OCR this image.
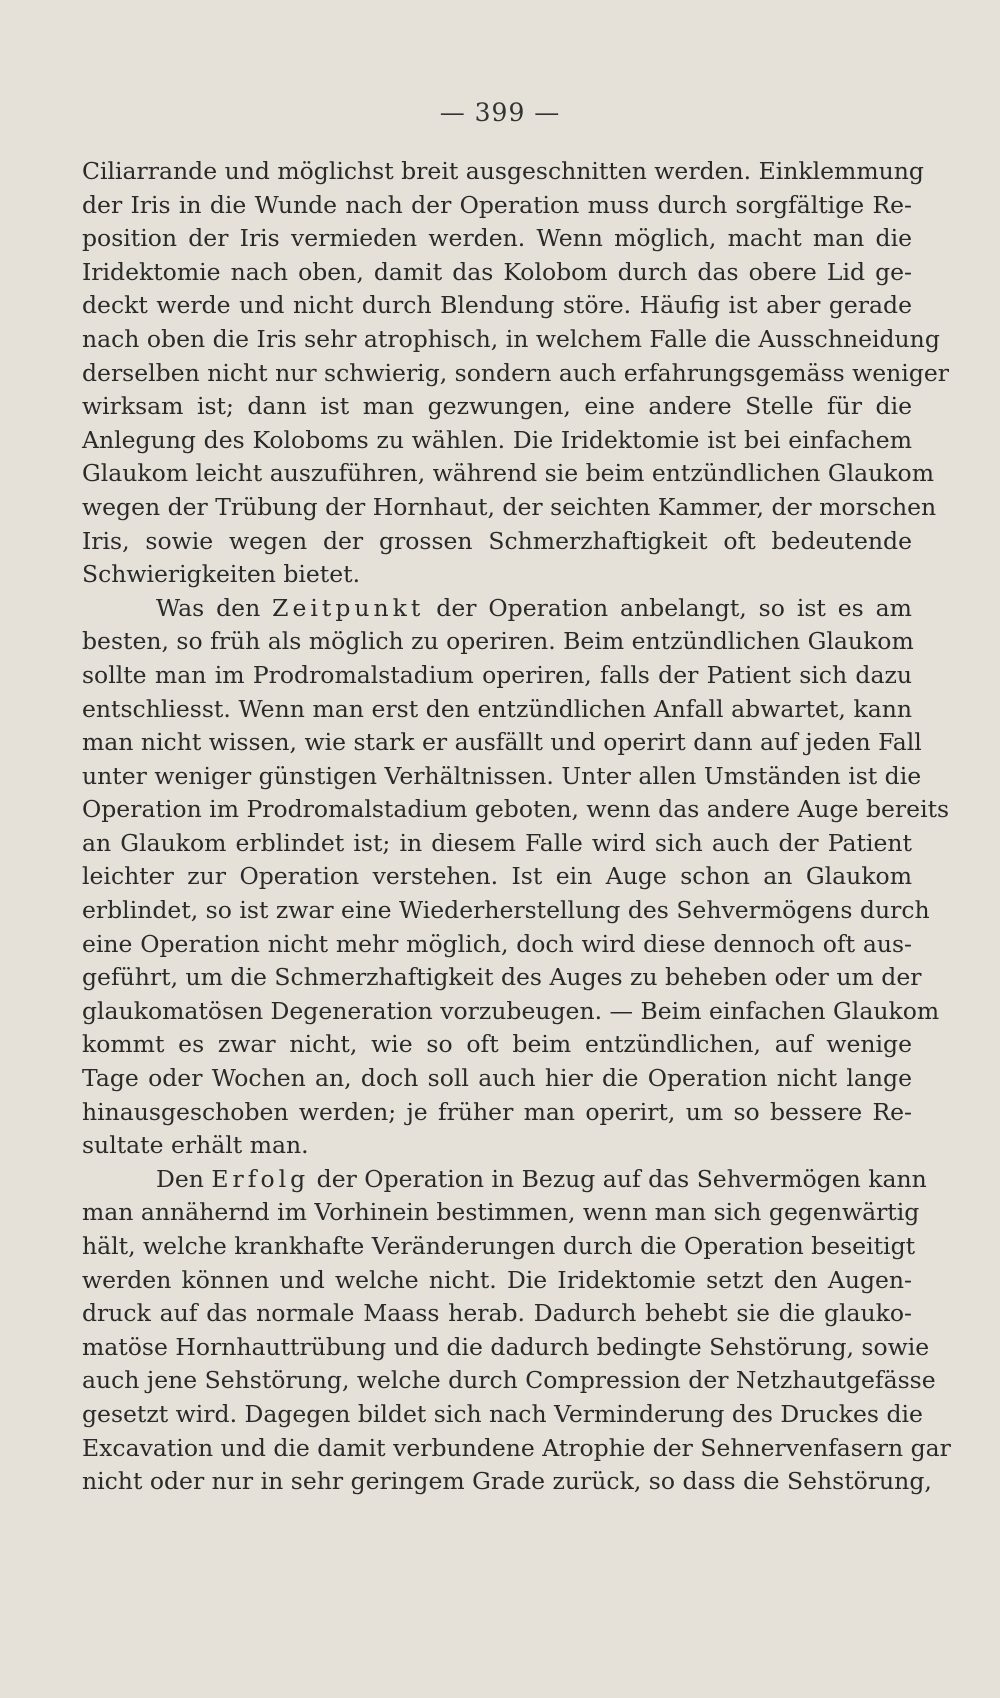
— 399 —
Ciliarrande und möglichst breit ausgeschnitten werden. Einklemmung
der Iris in die Wunde nach der Operation muss durch sorgfältige Re-
position der Iris vermieden werden. Wenn möglich, macht man die
Iridektomie nach oben, damit das Kolobom durch das obere Lid ge-
deckt werde und nicht durch Blendung störe. Häufig ist aber gerade
nach oben die Iris sehr atrophisch, in welchem Falle die Ausschneidung
derselben nicht nur schwierig, sondern auch erfahrungsgemäss weniger
wirksam ist; dann ist man gezwungen, eine andere Stelle für die
Anlegung des Koloboms zu wählen. Die Iridektomie ist bei einfachem
Glaukom leicht auszuführen, während sie beim entzündlichen Glaukom
wegen der Trübung der Hornhaut, der seichten Kammer, der morschen
Iris, sowie wegen der grossen Schmerzhaftigkeit oft bedeutende
Schwierigkeiten bietet.
Was den Zeitpunkt der Operation anbelangt, so ist es am
besten, so früh als möglich zu operiren. Beim entzündlichen Glaukom
sollte man im Prodromalstadium operiren, falls der Patient sich dazu
entschliesst. Wenn man erst den entzündlichen Anfall abwartet, kann
man nicht wissen, wie stark er ausfällt und operirt dann auf jeden Fall
unter weniger günstigen Verhältnissen. Unter allen Umständen ist die
Operation im Prodromalstadium geboten, wenn das andere Auge bereits
an Glaukom erblindet ist; in diesem Falle wird sich auch der Patient
leichter zur Operation verstehen. Ist ein Auge schon an Glaukom
erblindet, so ist zwar eine Wiederherstellung des Sehvermögens durch
eine Operation nicht mehr möglich, doch wird diese dennoch oft aus-
geführt, um die Schmerzhaftigkeit des Auges zu beheben oder um der
glaukomatösen Degeneration vorzubeugen. — Beim einfachen Glaukom
kommt es zwar nicht, wie so oft beim entzündlichen, auf wenige
Tage oder Wochen an, doch soll auch hier die Operation nicht lange
hinausgeschoben werden; je früher man operirt, um so bessere Re-
sultate erhält man.
Den Erfolg der Operation in Bezug auf das Sehvermögen kann
man annähernd im Vorhinein bestimmen, wenn man sich gegenwärtig
hält, welche krankhafte Veränderungen durch die Operation beseitigt
werden können und welche nicht. Die Iridektomie setzt den Augen-
druck auf das normale Maass herab. Dadurch behebt sie die glauko-
matöse Hornhauttrübung und die dadurch bedingte Sehstörung, sowie
auch jene Sehstörung, welche durch Compression der Netzhautgefässe
gesetzt wird. Dagegen bildet sich nach Verminderung des Druckes die
Excavation und die damit verbundene Atrophie der Sehnervenfasern gar
nicht oder nur in sehr geringem Grade zurück, so dass die Sehstörung,
